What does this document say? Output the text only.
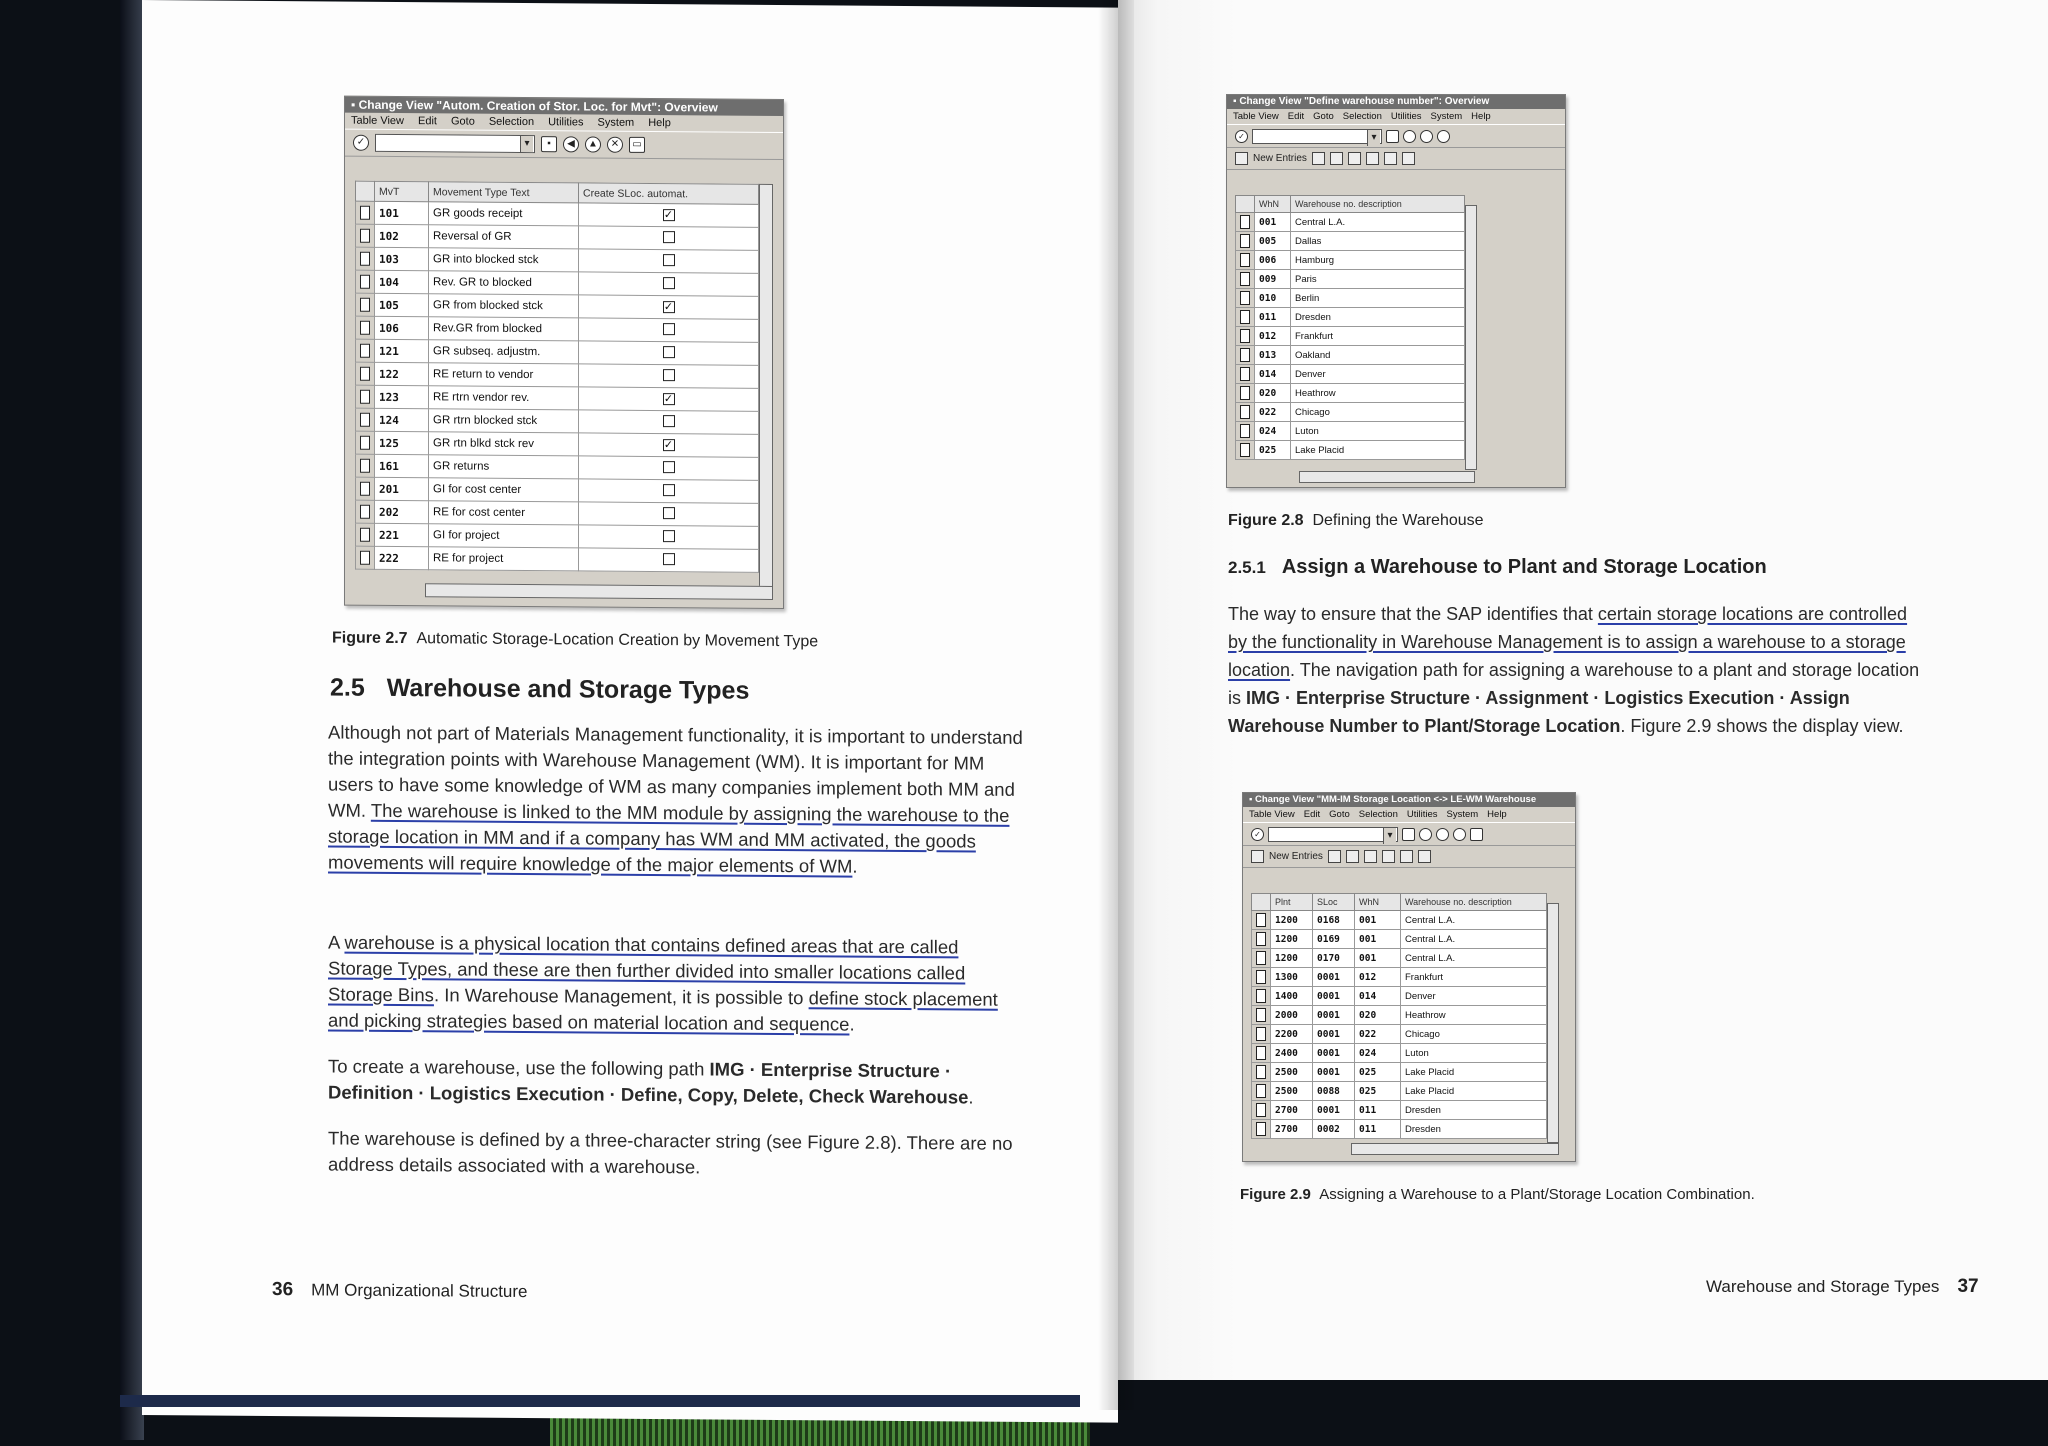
▪ Change View "Autom. Creation of Stor. Loc. for Mvt": Overview
Table View Edit Goto Selection Utilities System Help
✓ ▾	▪	◀	▲	✕	▭
	MvT	Movement Type Text	Create SLoc. automat.

	101	GR goods receipt	✓

	102	Reversal of GR	

	103	GR into blocked stck	

	104	Rev. GR to blocked	

	105	GR from blocked stck	✓

	106	Rev.GR from blocked	

	121	GR subseq. adjustm.	

	122	RE return to vendor	

	123	RE rtrn vendor rev.	✓

	124	GR rtrn blocked stck	

	125	GR rtn blkd stck rev	✓

	161	GR returns	

	201	GI for cost center	

	202	RE for cost center	

	221	GI for project	

	222	RE for project	
Figure 2.7 Automatic Storage-Location Creation by Movement Type
2.5 Warehouse and Storage Types

Although not part of Materials Management functionality, it is important to understand the integration points with Warehouse Management (WM). It is important for MM users to have some knowledge of WM as many companies implement both MM and WM. The warehouse is linked to the MM module by assigning the warehouse to the storage location in MM and if a company has WM and MM activated, the goods movements will require knowledge of the major elements of WM.

A warehouse is a physical location that contains defined areas that are called Storage Types, and these are then further divided into smaller locations called Storage Bins. In Warehouse Management, it is possible to define stock placement and picking strategies based on material location and sequence.

To create a warehouse, use the following path IMG · Enterprise Structure · Definition · Logistics Execution · Define, Copy, Delete, Check Warehouse.

The warehouse is defined by a three-character string (see Figure 2.8). There are no address details associated with a warehouse.

36 MM Organizational Structure
▪ Change View "Define warehouse number": Overview
Table View Edit Goto Selection Utilities System Help
✓
▾
New Entries
	WhN	Warehouse no. description

	001	Central L.A.

	005	Dallas

	006	Hamburg

	009	Paris

	010	Berlin

	011	Dresden

	012	Frankfurt

	013	Oakland

	014	Denver

	020	Heathrow

	022	Chicago

	024	Luton

	025	Lake Placid
Figure 2.8 Defining the Warehouse
2.5.1 Assign a Warehouse to Plant and Storage Location

The way to ensure that the SAP identifies that certain storage locations are controlled by the functionality in Warehouse Management is to assign a warehouse to a storage location. The navigation path for assigning a warehouse to a plant and storage location is IMG · Enterprise Structure · Assignment · Logistics Execution · Assign Warehouse Number to Plant/Storage Location. Figure 2.9 shows the display view.

▪ Change View "MM-IM Storage Location <-> LE-WM Warehouse
Table View Edit Goto Selection Utilities System Help
✓
▾
New Entries
	Plnt	SLoc	WhN	Warehouse no. description

	1200	0168	001	Central L.A.

	1200	0169	001	Central L.A.

	1200	0170	001	Central L.A.

	1300	0001	012	Frankfurt

	1400	0001	014	Denver

	2000	0001	020	Heathrow

	2200	0001	022	Chicago

	2400	0001	024	Luton

	2500	0001	025	Lake Placid

	2500	0088	025	Lake Placid

	2700	0001	011	Dresden

	2700	0002	011	Dresden
Figure 2.9 Assigning a Warehouse to a Plant/Storage Location Combination.
Warehouse and Storage Types 37
